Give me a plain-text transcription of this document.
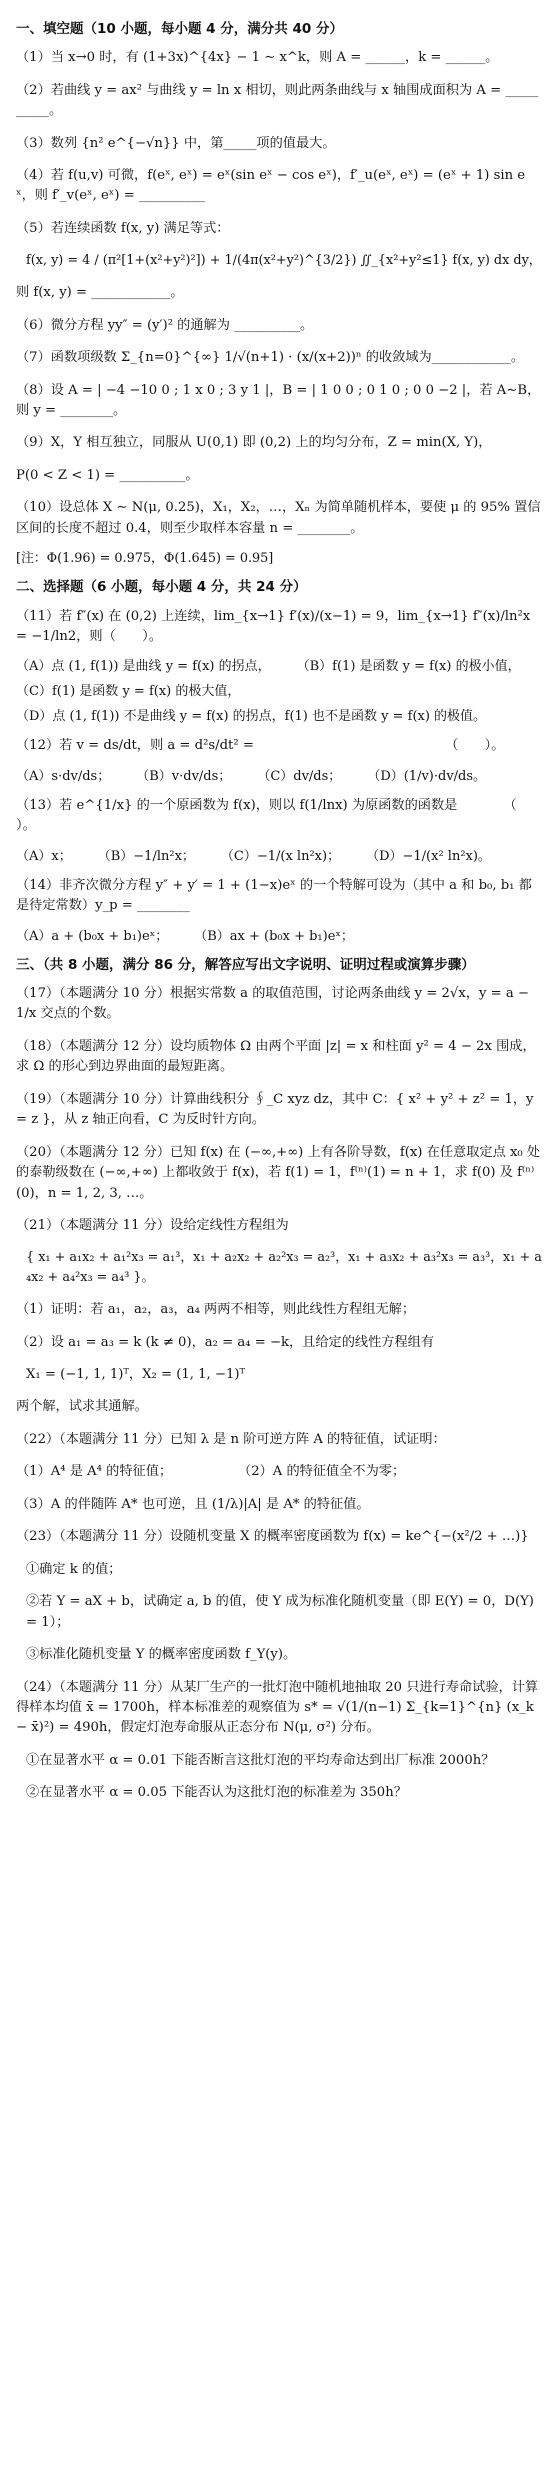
一、填空题（10 小题，每小题 4 分，满分共 40 分）
（1）当 x→0 时，有 (1+3x)^{4x} − 1 ∼ x^k，则 A = ______，k = ______。
（2）若曲线 y = ax² 与曲线 y = ln x 相切，则此两条曲线与 x 轴围成面积为 A = __________。
（3）数列 {n² e^{−√n}} 中，第_____项的值最大。
（4）若 f(u,v) 可微，f(eˣ, eˣ) = eˣ(sin eˣ − cos eˣ)，f′_u(eˣ, eˣ) = (eˣ + 1) sin eˣ，则 f′_v(eˣ, eˣ) = __________
（5）若连续函数 f(x, y) 满足等式：
f(x, y) = 4 / (π²[1+(x²+y²)²]) + 1/(4π(x²+y²)^{3/2}) ∬_{x²+y²≤1} f(x, y) dx dy，
则 f(x, y) = ____________。
（6）微分方程 yy″ = (y′)² 的通解为 __________。
（7）函数项级数 Σ_{n=0}^{∞} 1/√(n+1) · (x/(x+2))ⁿ 的收敛域为____________。
（8）设 A = | −4 −10 0 ; 1 x 0 ; 3 y 1 |，B = | 1 0 0 ; 0 1 0 ; 0 0 −2 |，若 A∼B，则 y = ________。
（9）X，Y 相互独立，同服从 U(0,1) 即 (0,2) 上的均匀分布，Z = min(X, Y)，
P(0 < Z < 1) = __________。
（10）设总体 X ∼ N(μ, 0.25)，X₁，X₂，…，Xₙ 为简单随机样本，要使 μ 的 95% 置信区间的长度不超过 0.4，则至少取样本容量 n = ________。
[注：Φ(1.96) = 0.975，Φ(1.645) = 0.95]
二、选择题（6 小题，每小题 4 分，共 24 分）
（11）若 f″(x) 在 (0,2) 上连续，lim_{x→1} f′(x)/(x−1) = 9，lim_{x→1} f″(x)/ln²x = −1/ln2，则（　　）。
（A）点 (1, f(1)) 是曲线 y = f(x) 的拐点， （B）f(1) 是函数 y = f(x) 的极小值，
（C）f(1) 是函数 y = f(x) 的极大值，
（D）点 (1, f(1)) 不是曲线 y = f(x) 的拐点，f(1) 也不是函数 y = f(x) 的极值。
（12）若 v = ds/dt，则 a = d²s/dt² =　　　　　　　　　　　　　　　（　　）。
（A）s·dv/ds； （B）v·dv/ds； （C）dv/ds； （D）(1/v)·dv/ds。
（13）若 e^{1/x} 的一个原函数为 f(x)，则以 f(1/lnx) 为原函数的函数是　　　　（　　）。
（A）x； （B）−1/ln²x； （C）−1/(x ln²x)； （D）−1/(x² ln²x)。
（14）非齐次微分方程 y″ + y′ = 1 + (1−x)eˣ 的一个特解可设为（其中 a 和 b₀, b₁ 都是待定常数）y_p = ________
（A）a + (b₀x + b₁)eˣ； （B）ax + (b₀x + b₁)eˣ；
三、（共 8 小题，满分 86 分，解答应写出文字说明、证明过程或演算步骤）
（17）（本题满分 10 分）根据实常数 a 的取值范围，讨论两条曲线 y = 2√x，y = a − 1/x 交点的个数。
（18）（本题满分 12 分）设均质物体 Ω 由两个平面 |z| = x 和柱面 y² = 4 − 2x 围成，求 Ω 的形心到边界曲面的最短距离。
（19）（本题满分 10 分）计算曲线积分 ∮_C xyz dz，其中 C：{ x² + y² + z² = 1，y = z }，从 z 轴正向看，C 为反时针方向。
（20）（本题满分 12 分）已知 f(x) 在 (−∞,+∞) 上有各阶导数，f(x) 在任意取定点 x₀ 处的泰勒级数在 (−∞,+∞) 上都收敛于 f(x)，若 f(1) = 1，f⁽ⁿ⁾(1) = n + 1，求 f(0) 及 f⁽ⁿ⁾(0)，n = 1, 2, 3, …。
（21）（本题满分 11 分）设给定线性方程组为
{ x₁ + a₁x₂ + a₁²x₃ = a₁³，x₁ + a₂x₂ + a₂²x₃ = a₂³，x₁ + a₃x₂ + a₃²x₃ = a₃³，x₁ + a₄x₂ + a₄²x₃ = a₄³ }。
（1）证明：若 a₁，a₂，a₃，a₄ 两两不相等，则此线性方程组无解；
（2）设 a₁ = a₃ = k (k ≠ 0)，a₂ = a₄ = −k，且给定的线性方程组有
X₁ = (−1, 1, 1)ᵀ，X₂ = (1, 1, −1)ᵀ
两个解，试求其通解。
（22）（本题满分 11 分）已知 λ 是 n 阶可逆方阵 A 的特征值，试证明：
（1）A⁴ 是 A⁴ 的特征值；　　　　　　（2）A 的特征值全不为零；
（3）A 的伴随阵 A* 也可逆，且 (1/λ)|A| 是 A* 的特征值。
（23）（本题满分 11 分）设随机变量 X 的概率密度函数为 f(x) = ke^{−(x²/2 + …)}
①确定 k 的值；
②若 Y = aX + b，试确定 a, b 的值，使 Y 成为标准化随机变量（即 E(Y) = 0，D(Y) = 1）；
③标准化随机变量 Y 的概率密度函数 f_Y(y)。
（24）（本题满分 11 分）从某厂生产的一批灯泡中随机地抽取 20 只进行寿命试验，计算得样本均值 x̄ = 1700h，样本标准差的观察值为 s* = √(1/(n−1) Σ_{k=1}^{n} (x_k − x̄)²) = 490h，假定灯泡寿命服从正态分布 N(μ, σ²) 分布。
①在显著水平 α = 0.01 下能否断言这批灯泡的平均寿命达到出厂标准 2000h？
②在显著水平 α = 0.05 下能否认为这批灯泡的标准差为 350h？
